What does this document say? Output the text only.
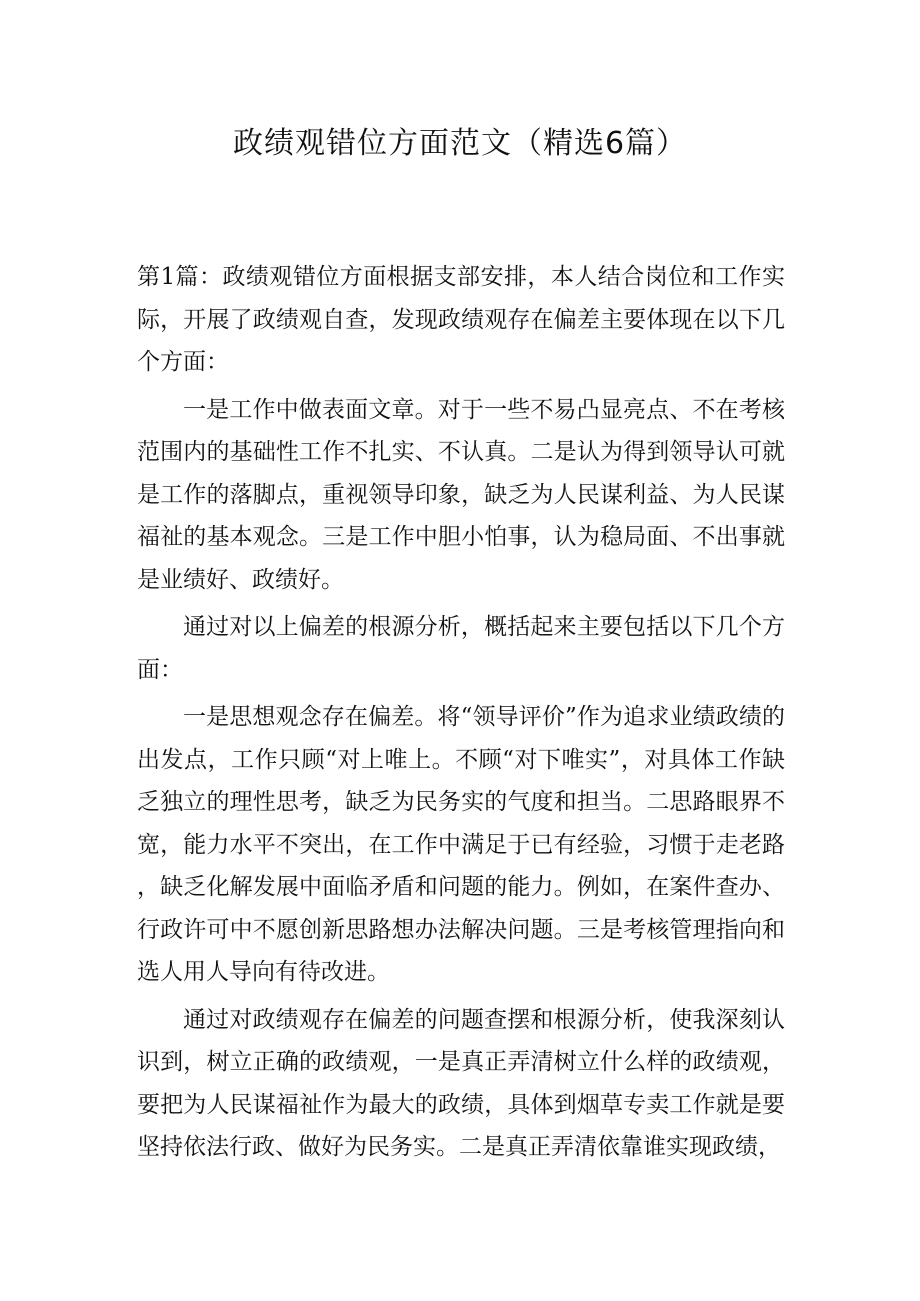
政绩观错位方面范文（精选6篇）

第1篇：政绩观错位方面根据支部安排，本人结合岗位和工作实际，开展了政绩观自查，发现政绩观存在偏差主要体现在以下几个方面：

一是工作中做表面文章。对于一些不易凸显亮点、不在考核范围内的基础性工作不扎实、不认真。二是认为得到领导认可就是工作的落脚点，重视领导印象，缺乏为人民谋利益、为人民谋福祉的基本观念。三是工作中胆小怕事，认为稳局面、不出事就是业绩好、政绩好。

通过对以上偏差的根源分析，概括起来主要包括以下几个方面：

一是思想观念存在偏差。将“领导评价”作为追求业绩政绩的出发点，工作只顾“对上唯上。不顾“对下唯实”，对具体工作缺乏独立的理性思考，缺乏为民务实的气度和担当。二思路眼界不宽，能力水平不突出，在工作中满足于已有经验，习惯于走老路，缺乏化解发展中面临矛盾和问题的能力。例如，在案件查办、行政许可中不愿创新思路想办法解决问题。三是考核管理指向和选人用人导向有待改进。

通过对政绩观存在偏差的问题查摆和根源分析，使我深刻认识到，树立正确的政绩观，一是真正弄清树立什么样的政绩观，要把为人民谋福祉作为最大的政绩，具体到烟草专卖工作就是要坚持依法行政、做好为民务实。二是真正弄清依靠谁实现政绩，
